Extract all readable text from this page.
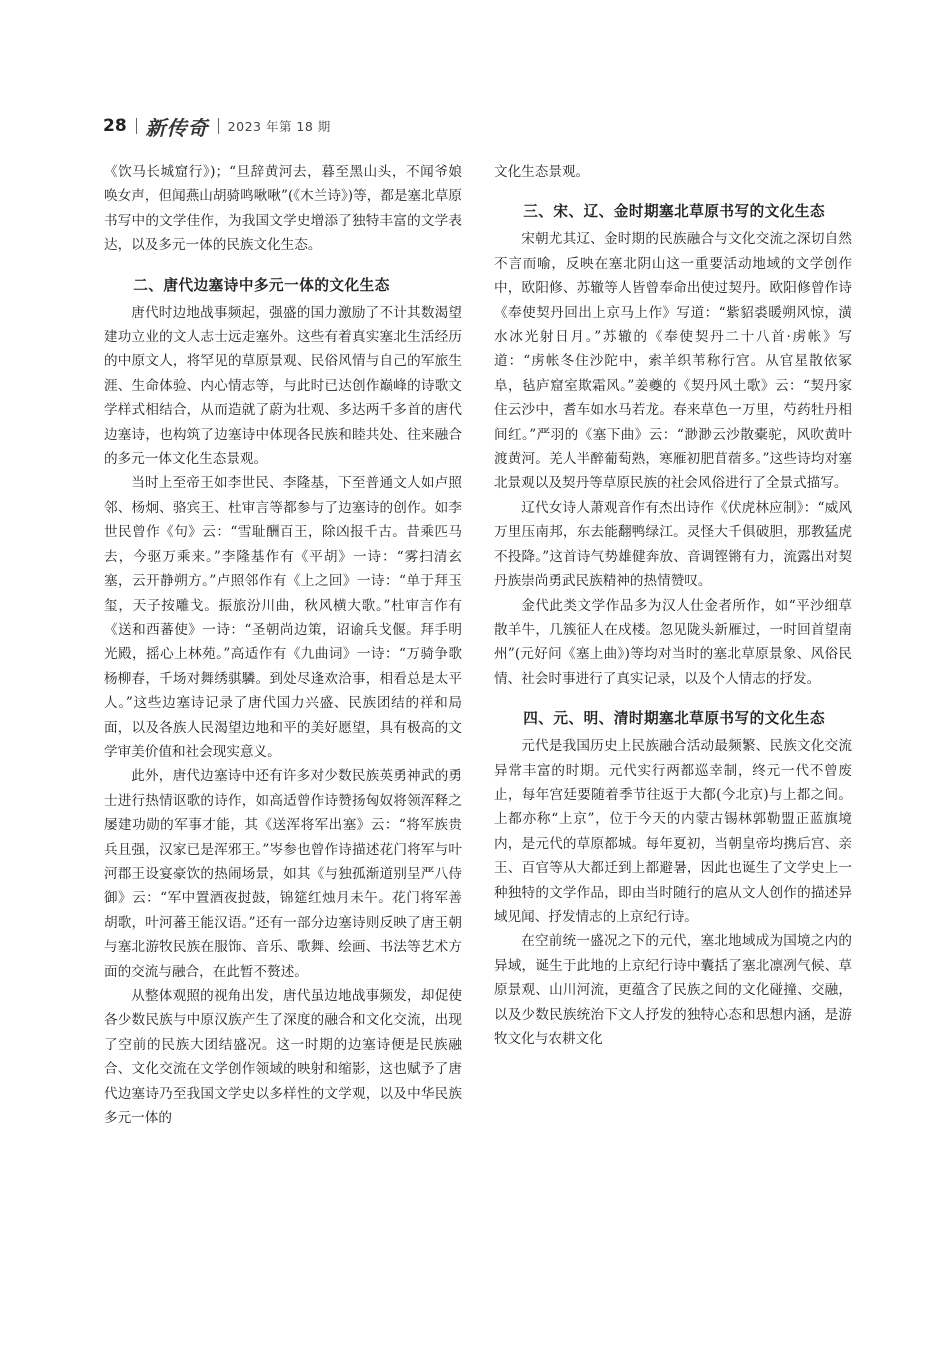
28 新传奇 2023 年第 18 期

《饮马长城窟行》)；“旦辞黄河去，暮至黑山头，不闻爷娘唤女声，但闻燕山胡骑鸣啾啾”(《木兰诗》)等，都是塞北草原书写中的文学佳作，为我国文学史增添了独特丰富的文学表达，以及多元一体的民族文化生态。

二、唐代边塞诗中多元一体的文化生态

唐代时边地战事频起，强盛的国力激励了不计其数渴望建功立业的文人志士远走塞外。这些有着真实塞北生活经历的中原文人，将罕见的草原景观、民俗风情与自己的军旅生涯、生命体验、内心情志等，与此时已达创作巅峰的诗歌文学样式相结合，从而造就了蔚为壮观、多达两千多首的唐代边塞诗，也构筑了边塞诗中体现各民族和睦共处、往来融合的多元一体文化生态景观。

当时上至帝王如李世民、李隆基，下至普通文人如卢照邻、杨炯、骆宾王、杜审言等都参与了边塞诗的创作。如李世民曾作《句》云：“雪耻酬百王，除凶报千古。昔乘匹马去，今驱万乘来。”李隆基作有《平胡》一诗：“雾扫清玄塞，云开静朔方。”卢照邻作有《上之回》一诗：“单于拜玉玺，天子按雕戈。振旅汾川曲，秋风横大歌。”杜审言作有《送和西蕃使》一诗：“圣朝尚边策，诏谕兵戈偃。拜手明光殿，摇心上林苑。”高适作有《九曲词》一诗：“万骑争歌杨柳春，千场对舞绣骐驎。到处尽逢欢洽事，相看总是太平人。”这些边塞诗记录了唐代国力兴盛、民族团结的祥和局面，以及各族人民渴望边地和平的美好愿望，具有极高的文学审美价值和社会现实意义。

此外，唐代边塞诗中还有许多对少数民族英勇神武的勇士进行热情讴歌的诗作，如高适曾作诗赞扬匈奴将领浑释之屡建功勋的军事才能，其《送浑将军出塞》云：“将军族贵兵且强，汉家已是浑邪王。”岑参也曾作诗描述花门将军与叶河郡王设宴豪饮的热闹场景，如其《与独孤渐道别呈严八侍御》云：“军中置酒夜挝鼓，锦筵红烛月未午。花门将军善胡歌，叶河蕃王能汉语。”还有一部分边塞诗则反映了唐王朝与塞北游牧民族在服饰、音乐、歌舞、绘画、书法等艺术方面的交流与融合，在此暂不赘述。

从整体观照的视角出发，唐代虽边地战事频发，却促使各少数民族与中原汉族产生了深度的融合和文化交流，出现了空前的民族大团结盛况。这一时期的边塞诗便是民族融合、文化交流在文学创作领域的映射和缩影，这也赋予了唐代边塞诗乃至我国文学史以多样性的文学观，以及中华民族多元一体的

文化生态景观。

三、宋、辽、金时期塞北草原书写的文化生态

宋朝尤其辽、金时期的民族融合与文化交流之深切自然不言而喻，反映在塞北阴山这一重要活动地域的文学创作中，欧阳修、苏辙等人皆曾奉命出使过契丹。欧阳修曾作诗《奉使契丹回出上京马上作》写道：“紫貂裘暖朔风惊，潢水冰光射日月。”苏辙的《奉使契丹二十八首·虏帐》写道：“虏帐冬住沙陀中，索羊织苇称行宫。从官星散依冢阜，毡庐窟室欺霜风。”姜夔的《契丹风土歌》云：“契丹家住云沙中，耆车如水马若龙。春来草色一万里，芍药牡丹相间红。”严羽的《塞下曲》云：“渺渺云沙散橐驼，风吹黄叶渡黄河。羌人半醉葡萄熟，寒雁初肥苜蓿多。”这些诗均对塞北景观以及契丹等草原民族的社会风俗进行了全景式描写。

辽代女诗人萧观音作有杰出诗作《伏虎林应制》：“威风万里压南邦，东去能翻鸭绿江。灵怪大千俱破胆，那教猛虎不投降。”这首诗气势雄健奔放、音调铿锵有力，流露出对契丹族崇尚勇武民族精神的热情赞叹。

金代此类文学作品多为汉人仕金者所作，如“平沙细草散羊牛，几簇征人在戍楼。忽见陇头新雁过，一时回首望南州”(元好问《塞上曲》)等均对当时的塞北草原景象、风俗民情、社会时事进行了真实记录，以及个人情志的抒发。

四、元、明、清时期塞北草原书写的文化生态

元代是我国历史上民族融合活动最频繁、民族文化交流异常丰富的时期。元代实行两都巡幸制，终元一代不曾废止，每年宫廷要随着季节往返于大都(今北京)与上都之间。上都亦称“上京”，位于今天的内蒙古锡林郭勒盟正蓝旗境内，是元代的草原都城。每年夏初，当朝皇帝均携后宫、亲王、百官等从大都迁到上都避暑，因此也诞生了文学史上一种独特的文学作品，即由当时随行的扈从文人创作的描述异域见闻、抒发情志的上京纪行诗。

在空前统一盛况之下的元代，塞北地域成为国境之内的异域，诞生于此地的上京纪行诗中囊括了塞北凛冽气候、草原景观、山川河流，更蕴含了民族之间的文化碰撞、交融，以及少数民族统治下文人抒发的独特心态和思想内涵，是游牧文化与农耕文化
